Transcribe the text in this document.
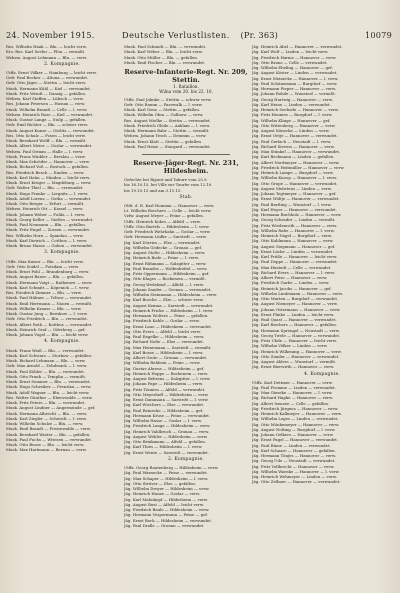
24. November 1915.	Deutsche Verlustlisten. (Pr. 363)	10079
Res. Wilhelm Haak — Bln. — leicht verw.
Ers.-Res. Karl Seeler — Plön — vermißt.
Wehrm. August Lehmann — Bln. — verw.
2. Kompagnie.
Utffz. Ernst Völker — Hamburg — leicht verw.
Gefr. Paul Becker — Altona — verwundet.
Gefr. Otto Jäger — Stettin — leicht verw.
Musk. Hermann Kühl — Kiel — verwundet.
Musk. Fritz Wendt — Danzig — gefallen.
Wehrm. Karl Steffen — Lübeck — verw.
Res. Johann Petersen — Husum — verw.
Musk. Wilhelm Brandt — Celle — l. verw.
Wehrm. Heinrich Rose — Kiel — verwundet.
Musk. Gustav Lange — Stolp — gefallen.
Gefr. Emil Richter — Bln. — schwer verw.
Musk. August Kunze — Görlitz — verwundet.
Res. Otto Schulz — Posen — leicht verw.
Musk. Bernhard Wolff — Bln. — vermißt.
Musk. Albert Meier — Goslar — verwundet.
Wehrm. Paul Grimm — Halle — l. verw.
Musk. Franz Winkler — Breslau — verw.
Musk. Max Schröder — Hannover — verw.
Musk. Richard Voß — Rostock — gefallen.
Res. Friedrich Busch — Emden — verw.
Musk. Karl Hahn — Minden — leicht verw.
Musk. Ernst Krüger — Magdeburg — verw.
Gefr. Walter Thiel — Bln. — verwundet.
Musk. Hugo Franke — Liegnitz — l. verw.
Musk. Adolf Lorenz — Gotha — verwundet.
Musk. Otto Berger — Erfurt — vermißt.
Wehrm. Heinrich Ott — Kassel — verw.
Musk. Johann Weber — Fulda — l. verw.
Musk. Georg Keller — Gießen — verwundet.
Musk. Paul Neumann — Bln. — gefallen.
Musk. Fritz Engel — Zossen — verwundet.
Res. Wilhelm Horn — Spandau — verw.
Musk. Karl Dietrich — Cottbus — l. verw.
Musk. Bruno Haase — Guben — verwundet.
3. Kompagnie.
Utffz. Max Kaiser — Bln. — leicht verw.
Gefr. Otto Seidel — Potsdam — verw.
Musk. Ernst Pohl — Brandenburg — verw.
Musk. August Bauer — Bln. — gefallen.
Musk. Hermann Voigt — Rathenow — verw.
Musk. Karl Schmitt — Köpenick — l. verw.
Res. Friedrich Zimmer — Bln. — verw.
Musk. Paul Hübner — Teltow — verwundet.
Musk. Emil Herrmann — Nauen — vermißt.
Musk. Wilhelm Krause — Bln. — verw.
Musk. Gustav Jung — Beeskow — l. verw.
Gefr. Otto Friedrich — Bln. — verwundet.
Musk. Albert Roth — Kottbus — verwundet.
Musk. Heinrich Graf — Oderberg — gef.
Musk. Johann Vogel — Bln. — leicht verw.
4. Kompagnie.
Musk. Franz Weiß — Bln. — verwundet.
Musk. Karl Schwarz — Storkow — gefallen.
Musk. Richard Lehmann — Bln. — verw.
Gefr. Max Arnold — Zehdenick — l. verw.
Musk. Paul Köhler — Bln. — verwundet.
Musk. Otto Frank — Templin — vermißt.
Musk. Ernst Sommer — Bln. — verwundet.
Musk. Hugo Schreiber — Prenzlau — verw.
Musk. Adolf Wagner — Bln. — leicht verw.
Res. Walter Günther — Eberswalde — verw.
Musk. Fritz Peters — Bln. — verwundet.
Musk. August Lindner — Angermünde — gef.
Musk. Hermann Albrecht — Bln. — verw.
Musk. Karl Ziegler — Schwedt — l. verw.
Musk. Wilhelm Schulze — Bln. — verw.
Musk. Emil Brandt — Freienwalde — verw.
Musk. Bernhard Winter — Bln. — gefallen.
Musk. Paul Fuchs — Wriezen — verwundet.
Musk. Otto Busse — Bln. — leicht verw.
Musk. Max Hartmann — Bernau — verw.
Musk. Paul Schmidt — Bln. — verwundet.
Musk. Karl Weber — Bln. — leicht verw.
Musk. Otto Müller — Bln. — gefallen.
Musk. Emil Fischer — Bln. — verwundet.
Reserve-Infanterie-Regt. Nr. 209, Stettin.
1. Bataillon.
Wilna vom 20. bis 22. 10.
Utffz. Paul Jahnke — Stettin — schwer verw.
Gefr. Otto Ramm — Pasewalk — l. verw.
Musk. Karl Genz — Stettin — gefallen.
Musk. Wilhelm Ohm — Gollnow — verw.
Res. August Mielke — Stettin — verwundet.
Musk. Friedrich Glöde — Anklam — l. verw.
Musk. Hermann Bahr — Stettin — vermißt.
Wehrm. Johann Tesch — Demmin — verw.
Musk. Ernst Klatt — Stettin — gefallen.
Musk. Paul Heise — Stargard — verwundet.
Reserve-Jäger-Regt. Nr. 231, Hildesheim.
Gefechte bei Ripont und Tahure vom 25.9.
bis 16.10.15, bei Ville sur Tourbe vom 12.10.
bis 19.10.15 und am 3.11.15.
Stab.
Oblt. d. R. Karl Homann — Hannover — verw.
Lt. Wilhelm Borchers — Celle — leicht verw.
Vzfw. August Meyer — Peine — gefallen.
Utffz. Heinrich Kohrs — Alfeld — verw.
Utffz. Otto Bartels — Hildesheim — l. verw.
Gefr. Friedrich Wehrhahn — Goslar — verw.
Gefr. Hermann Lüdke — Sarstedt — verw.
Jäg. Karl Dörries — Elze — verwundet.
Jäg. Wilhelm Gödecke — Gronau — gef.
Jäg. August Stolte — Hildesheim — verw.
Jäg. Heinrich Bode — Peine — l. verw.
Jäg. Ernst Rühmann — Salzgitter — verw.
Jäg. Paul Brandes — Wolfenbüttel — verw.
Jäg. Fritz Oppermann — Hildesheim — gef.
Jäg. Otto Klages — Bockenem — vermißt.
Jäg. Georg Wedekind — Alfeld — l. verw.
Jäg. Johann Sander — Gronau — verwundet.
Jäg. Wilhelm Steinmann — Hildesheim — verw.
Jäg. Karl Busche — Elze — schwer verw.
Jäg. August Kemna — Sarstedt — verwundet.
Jäg. Heinrich Fricke — Hildesheim — l. verw.
Jäg. Hermann Wolters — Peine — gefallen.
Jäg. Friedrich Kahle — Goslar — verw.
Jäg. Ernst Laue — Hildesheim — verwundet.
Jäg. Otto Evers — Alfeld — leicht verw.
Jäg. Paul Engelke — Hildesheim — verw.
Jäg. Richard Nolte — Elze — verwundet.
Jäg. Max Heinemann — Sarstedt — vermißt.
Jäg. Karl Bosse — Hildesheim — l. verw.
Jäg. Albert Grote — Gronau — verwundet.
Jäg. Wilhelm Rehbein — Peine — verw.
Jäg. Gustav Ahrens — Hildesheim — gef.
Jäg. Heinrich Hoppe — Bockenem — verw.
Jäg. August Behrens — Salzgitter — l. verw.
Jäg. Johann Pape — Hildesheim — verw.
Jäg. Fritz Tönnies — Alfeld — verwundet.
Jäg. Otto Meyerhoff — Hildesheim — verw.
Jäg. Ernst Dammann — Sarstedt — l. verw.
Jäg. Karl Wiechers — Elze — verwundet.
Jäg. Paul Reinecke — Hildesheim — gef.
Jäg. Hermann Kruse — Peine — verwundet.
Jäg. Wilhelm Hasse — Goslar — l. verw.
Jäg. Friedrich Lange — Hildesheim — verw.
Jäg. Heinrich Vahlbruch — Gronau — verw.
Jäg. August Wöhler — Hildesheim — verw.
Jäg. Otto Brinkmann — Alfeld — gefallen.
Jäg. Karl Thies — Hildesheim — l. verw.
Jäg. Ernst Wente — Sarstedt — verwundet.
2. Kompagnie.
Utffz. Georg Rautenberg — Hildesheim — verw.
Jäg. Paul Warnecke — Peine — verwundet.
Jäg. Max Schaper — Hildesheim — l. verw.
Jäg. Otto Strüver — Elze — gefallen.
Jäg. Wilhelm Dreyer — Hildesheim — verw.
Jäg. Heinrich Hunze — Goslar — verw.
Jäg. Karl Mahnkopf — Hildesheim — verw.
Jäg. August Rust — Alfeld — leicht verw.
Jäg. Friedrich Baule — Hildesheim — verw.
Jäg. Hermann Vespermann — Peine — gef.
Jäg. Ernst Bock — Hildesheim — verwundet.
Jäg. Paul Dralle — Gronau — verwundet.
Jäg. Heinrich Abel — Hannover — verwundet.
Jäg. Karl Wolf — Linden — leicht verw.
Jäg. Friedrich Harms — Hannover — verw.
Jäg. Otto Bruns — Celle — verwundet.
Jäg. Wilhelm Ebeling — Hannover — gef.
Jäg. August Köster — Linden — verwundet.
Jäg. Ernst Meinecke — Hannover — l. verw.
Jäg. Paul Schünemann — Burgdorf — verw.
Jäg. Hermann Pieper — Hannover — verw.
Jäg. Johann Rohde — Wunstorf — vermißt.
Jäg. Georg Hartwig — Hannover — verw.
Jäg. Karl Heine — Linden — verwundet.
Jäg. Heinrich Seebode — Hannover — verw.
Jäg. Fritz Hennies — Burgdorf — l. verw.
Jäg. Wilhelm Klinge — Hannover — gef.
Jäg. Otto Wittenberg — Hannover — verw.
Jäg. August Könecke — Linden — verw.
Jäg. Ernst Oetje — Hannover — verwundet.
Jäg. Paul Gerlach — Neustadt — l. verw.
Jäg. Richard Sievers — Hannover — verw.
Jäg. Max Stünkel — Hannover — verwundet.
Jäg. Karl Beckmann — Linden — gefallen.
Jäg. Albert Nordmeyer — Hannover — verw.
Jäg. Friedrich Heitmüller — Hannover — verw.
Jäg. Heinrich Lampe — Burgdorf — verw.
Jäg. Wilhelm Knoop — Hannover — l. verw.
Jäg. Otto Grupe — Hannover — verwundet.
Jäg. August Mehrtens — Linden — verw.
Jäg. Johann Tegtmeyer — Hannover — gef.
Jäg. Ernst Wöltje — Hannover — verwundet.
Jäg. Paul Bartling — Wunstorf — l. verw.
Jäg. Karl Hoyer — Hannover — verwundet.
Jäg. Hermann Buchholz — Hannover — verw.
Jäg. Georg Schrader — Linden — vermißt.
Jäg. Fritz Wiedenroth — Hannover — verw.
Jäg. Wilhelm Rabe — Hannover — l. verw.
Jäg. Heinrich Nagel — Burgdorf — verw.
Jäg. Otto Kuhlmann — Hannover — verw.
Jäg. August Siegmann — Hannover — gef.
Jäg. Ernst Lücke — Linden — verwundet.
Jäg. Karl Prüße — Hannover — leicht verw.
Jäg. Paul Deppe — Hannover — verwundet.
Jäg. Max Hustedt — Celle — verwundet.
Jäg. Richard Evers — Hannover — l. verw.
Jäg. Albert Feise — Hannover — verw.
Jäg. Friedrich Garbe — Linden — verw.
Jäg. Heinrich Jacobs — Hannover — gef.
Jäg. Wilhelm Lindemann — Hannover — verw.
Jäg. Otto Marten — Burgdorf — verwundet.
Jäg. August Niemeyer — Hannover — verw.
Jäg. Johann Ostermann — Hannover — verw.
Jäg. Ernst Plinke — Linden — leicht verw.
Jäg. Paul Quast — Hannover — verwundet.
Jäg. Karl Riechers — Hannover — gefallen.
Jäg. Hermann Sprengel — Neustadt — verw.
Jäg. Georg Twele — Hannover — verwundet.
Jäg. Fritz Uhde — Hannover — leicht verw.
Jäg. Wilhelm Völker — Linden — verw.
Jäg. Heinrich Wilkening — Hannover — verw.
Jäg. Otto Zander — Hannover — verwundet.
Jäg. August Ahlers — Wunstorf — vermißt.
Jäg. Ernst Bierwirth — Hannover — verw.
4. Kompagnie.
Utffz. Karl Dettmer — Hannover — verw.
Jäg. Paul Fromme — Linden — verwundet.
Jäg. Max Gieseke — Hannover — l. verw.
Jäg. Richard Hapke — Hannover — verw.
Jäg. Albert Isensee — Celle — gefallen.
Jäg. Friedrich Jürgens — Hannover — verw.
Jäg. Heinrich Kallmeyer — Hannover — verw.
Jäg. Wilhelm Loges — Linden — verwundet.
Jäg. Otto Mönkemeyer — Hannover — verw.
Jäg. August Nolting — Burgdorf — l. verw.
Jäg. Johann Oelkers — Hannover — verw.
Jäg. Ernst Pagel — Hannover — verwundet.
Jäg. Paul Rinne — Linden — verwundet.
Jäg. Karl Schaare — Hannover — gefallen.
Jäg. Hermann Tönjes — Hannover — verw.
Jäg. Georg Ude — Neustadt — verwundet.
Jäg. Fritz Vollbrecht — Hannover — verw.
Jäg. Wilhelm Warnke — Hannover — l. verw.
Jäg. Heinrich Wehmeyer — Linden — verw.
Jäg. Otto Zellmer — Hannover — verwundet.
